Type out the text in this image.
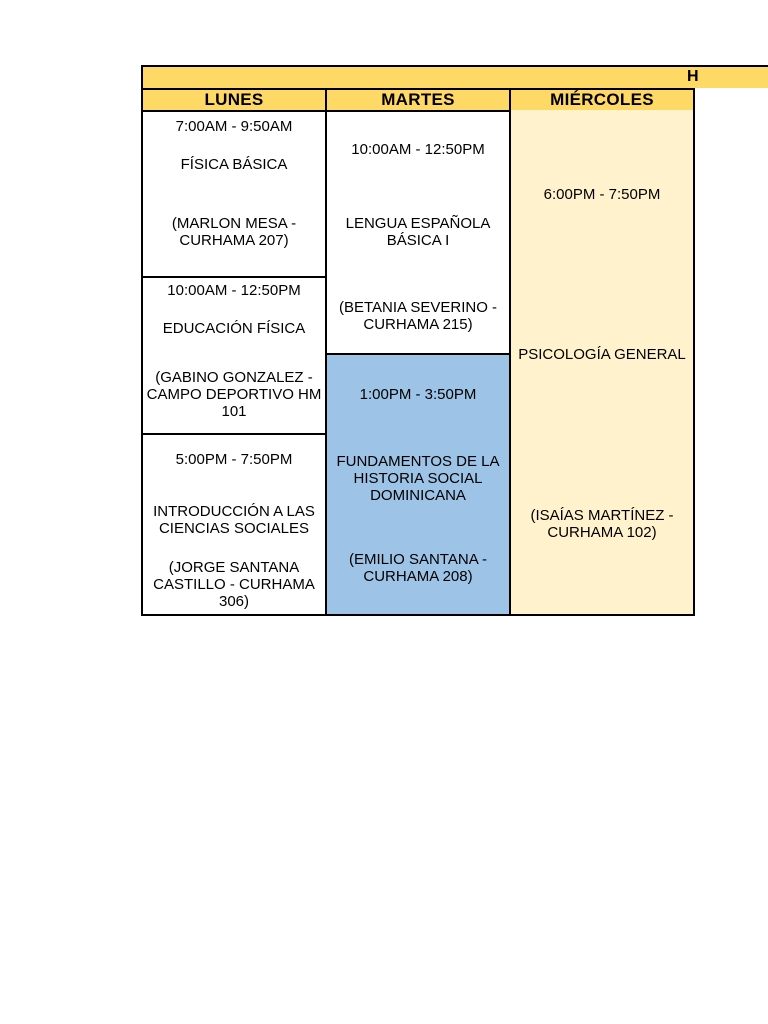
H
LUNES	MARTES	MIÉRCOLES
7:00AM - 9:50AM
FÍSICA BÁSICA
(MARLON MESA - CURHAMA 207)
10:00AM - 12:50PM
EDUCACIÓN FÍSICA
(GABINO GONZALEZ - CAMPO DEPORTIVO HM 101
5:00PM - 7:50PM
INTRODUCCIÓN A LAS CIENCIAS SOCIALES
(JORGE SANTANA CASTILLO - CURHAMA 306)
10:00AM - 12:50PM
LENGUA ESPAÑOLA BÁSICA I
(BETANIA SEVERINO - CURHAMA 215)
1:00PM - 3:50PM
FUNDAMENTOS DE LA HISTORIA SOCIAL DOMINICANA
(EMILIO SANTANA - CURHAMA 208)
6:00PM - 7:50PM
PSICOLOGÍA GENERAL
(ISAÍAS MARTÍNEZ - CURHAMA 102)
